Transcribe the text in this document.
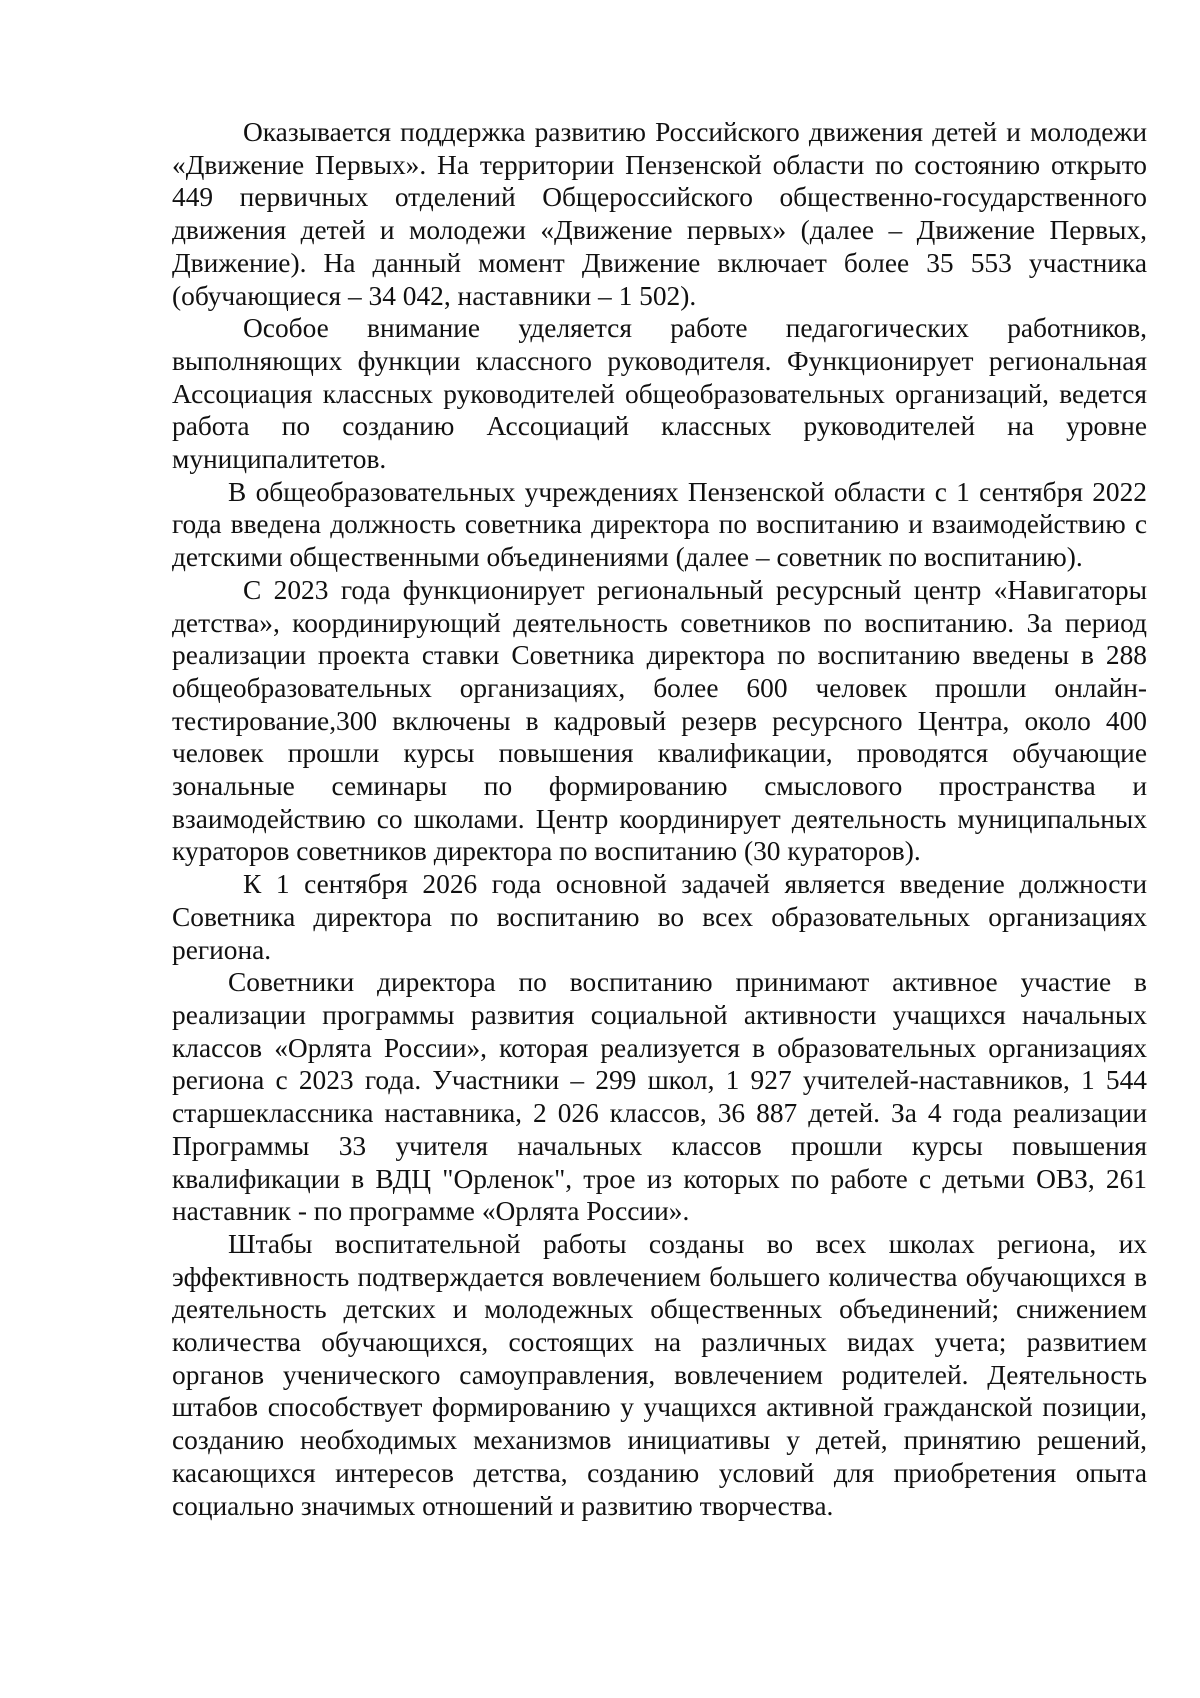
Оказывается поддержка развитию Российского движения детей и молодежи «Движение Первых». На территории Пензенской области по состоянию открыто 449 первичных отделений Общероссийского общественно-государственного движения детей и молодежи «Движение первых» (далее – Движение Первых, Движение). На данный момент Движение включает более 35 553 участника (обучающиеся – 34 042, наставники – 1 502).

Особое внимание уделяется работе педагогических работников, выполняющих функции классного руководителя. Функционирует региональная Ассоциация классных руководителей общеобразовательных организаций, ведется работа по созданию Ассоциаций классных руководителей на уровне муниципалитетов.

В общеобразовательных учреждениях Пензенской области с 1 сентября 2022 года введена должность советника директора по воспитанию и взаимодействию с детскими общественными объединениями (далее – советник по воспитанию).

С 2023 года функционирует региональный ресурсный центр «Навигаторы детства», координирующий деятельность советников по воспитанию. За период реализации проекта ставки Советника директора по воспитанию введены в 288 общеобразовательных организациях, более 600 человек прошли онлайн-тестирование,300 включены в кадровый резерв ресурсного Центра, около 400 человек прошли курсы повышения квалификации, проводятся обучающие зональные семинары по формированию смыслового пространства и взаимодействию со школами. Центр координирует деятельность муниципальных кураторов советников директора по воспитанию (30 кураторов).

К 1 сентября 2026 года основной задачей является введение должности Советника директора по воспитанию во всех образовательных организациях региона.

Советники директора по воспитанию принимают активное участие в реализации программы развития социальной активности учащихся начальных классов «Орлята России», которая реализуется в образовательных организациях региона с 2023 года. Участники – 299 школ, 1 927 учителей-наставников, 1 544 старшеклассника наставника, 2 026 классов, 36 887 детей. За 4 года реализации Программы 33 учителя начальных классов прошли курсы повышения квалификации в ВДЦ "Орленок", трое из которых по работе с детьми ОВЗ, 261 наставник - по программе «Орлята России».

Штабы воспитательной работы созданы во всех школах региона, их эффективность подтверждается вовлечением большего количества обучающихся в деятельность детских и молодежных общественных объединений; снижением количества обучающихся, состоящих на различных видах учета; развитием органов ученического самоуправления, вовлечением родителей. Деятельность штабов способствует формированию у учащихся активной гражданской позиции, созданию необходимых механизмов инициативы у детей, принятию решений, касающихся интересов детства, созданию условий для приобретения опыта социально значимых отношений и развитию творчества.
